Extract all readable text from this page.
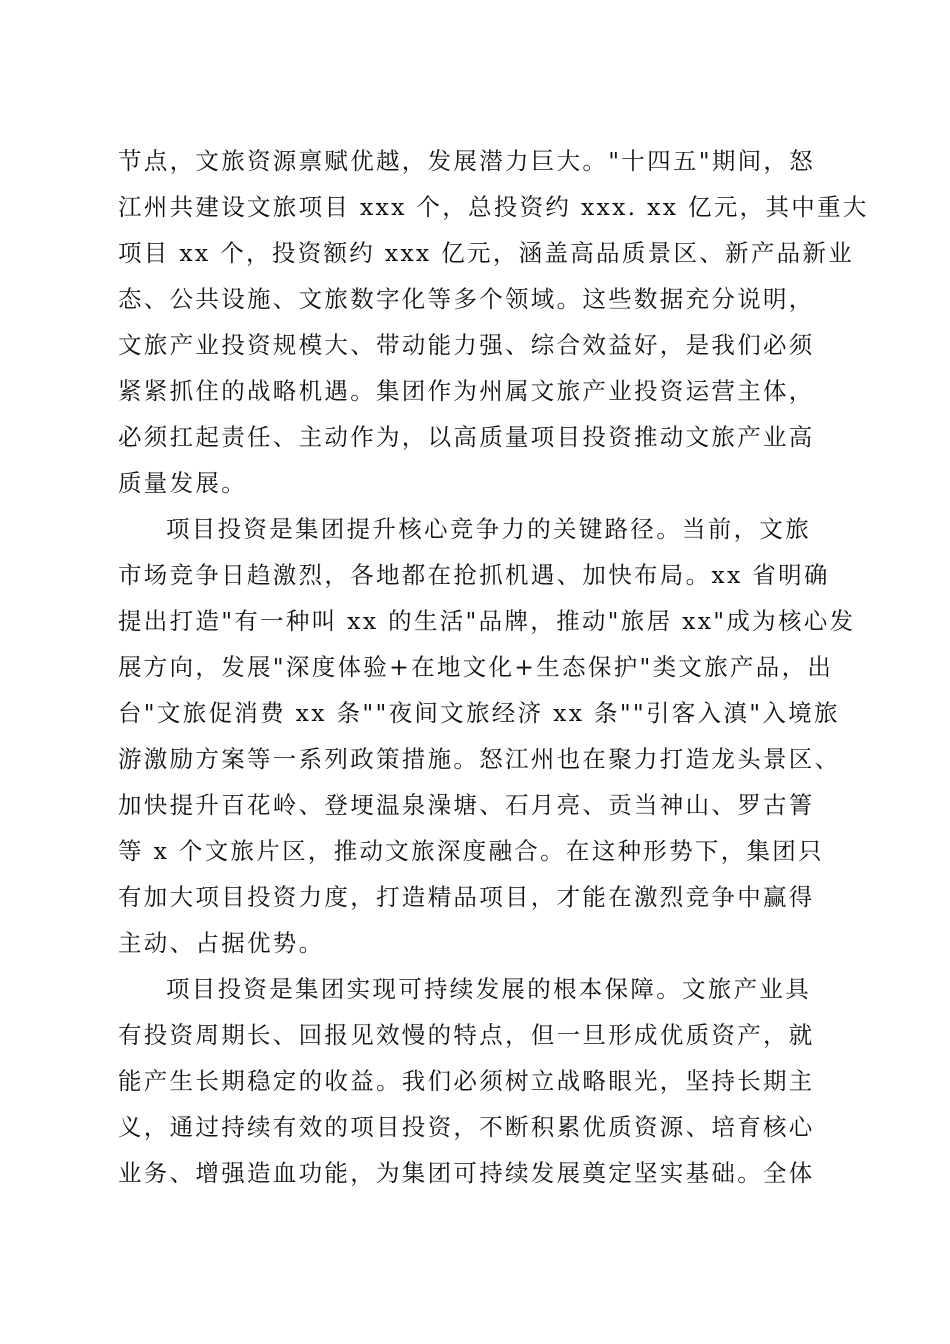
节点，文旅资源禀赋优越，发展潜力巨大。"十四五"期间，怒
江州共建设文旅项目 xxx 个，总投资约 xxx. xx 亿元，其中重大
项目 xx 个，投资额约 xxx 亿元，涵盖高品质景区、新产品新业
态、公共设施、文旅数字化等多个领域。这些数据充分说明，
文旅产业投资规模大、带动能力强、综合效益好，是我们必须
紧紧抓住的战略机遇。集团作为州属文旅产业投资运营主体，
必须扛起责任、主动作为，以高质量项目投资推动文旅产业高
质量发展。
项目投资是集团提升核心竞争力的关键路径。当前，文旅
市场竞争日趋激烈，各地都在抢抓机遇、加快布局。xx 省明确
提出打造"有一种叫 xx 的生活"品牌，推动"旅居 xx"成为核心发
展方向，发展"深度体验+在地文化+生态保护"类文旅产品，出
台"文旅促消费 xx 条""夜间文旅经济 xx 条""引客入滇"入境旅
游激励方案等一系列政策措施。怒江州也在聚力打造龙头景区、
加快提升百花岭、登埂温泉澡塘、石月亮、贡当神山、罗古箐
等 x 个文旅片区，推动文旅深度融合。在这种形势下，集团只
有加大项目投资力度，打造精品项目，才能在激烈竞争中赢得
主动、占据优势。
项目投资是集团实现可持续发展的根本保障。文旅产业具
有投资周期长、回报见效慢的特点，但一旦形成优质资产，就
能产生长期稳定的收益。我们必须树立战略眼光，坚持长期主
义，通过持续有效的项目投资，不断积累优质资源、培育核心
业务、增强造血功能，为集团可持续发展奠定坚实基础。全体
